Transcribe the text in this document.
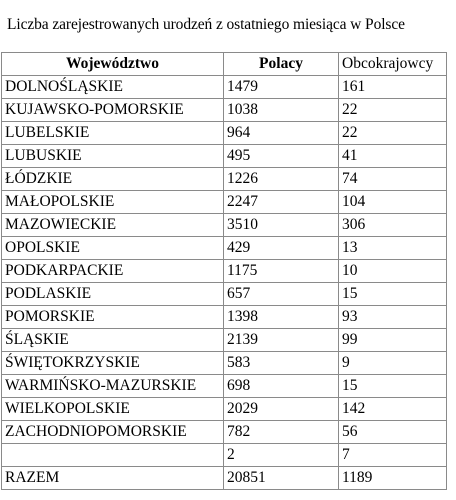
Liczba zarejestrowanych urodzeń z ostatniego miesiąca w Polsce
Województwo	Polacy	Obcokrajowcy
DOLNOŚLĄSKIE	1479	161
KUJAWSKO-POMORSKIE	1038	22
LUBELSKIE	964	22
LUBUSKIE	495	41
ŁÓDZKIE	1226	74
MAŁOPOLSKIE	2247	104
MAZOWIECKIE	3510	306
OPOLSKIE	429	13
PODKARPACKIE	1175	10
PODLASKIE	657	15
POMORSKIE	1398	93
ŚLĄSKIE	2139	99
ŚWIĘTOKRZYSKIE	583	9
WARMIŃSKO-MAZURSKIE	698	15
WIELKOPOLSKIE	2029	142
ZACHODNIOPOMORSKIE	782	56
	2	7
RAZEM	20851	1189
